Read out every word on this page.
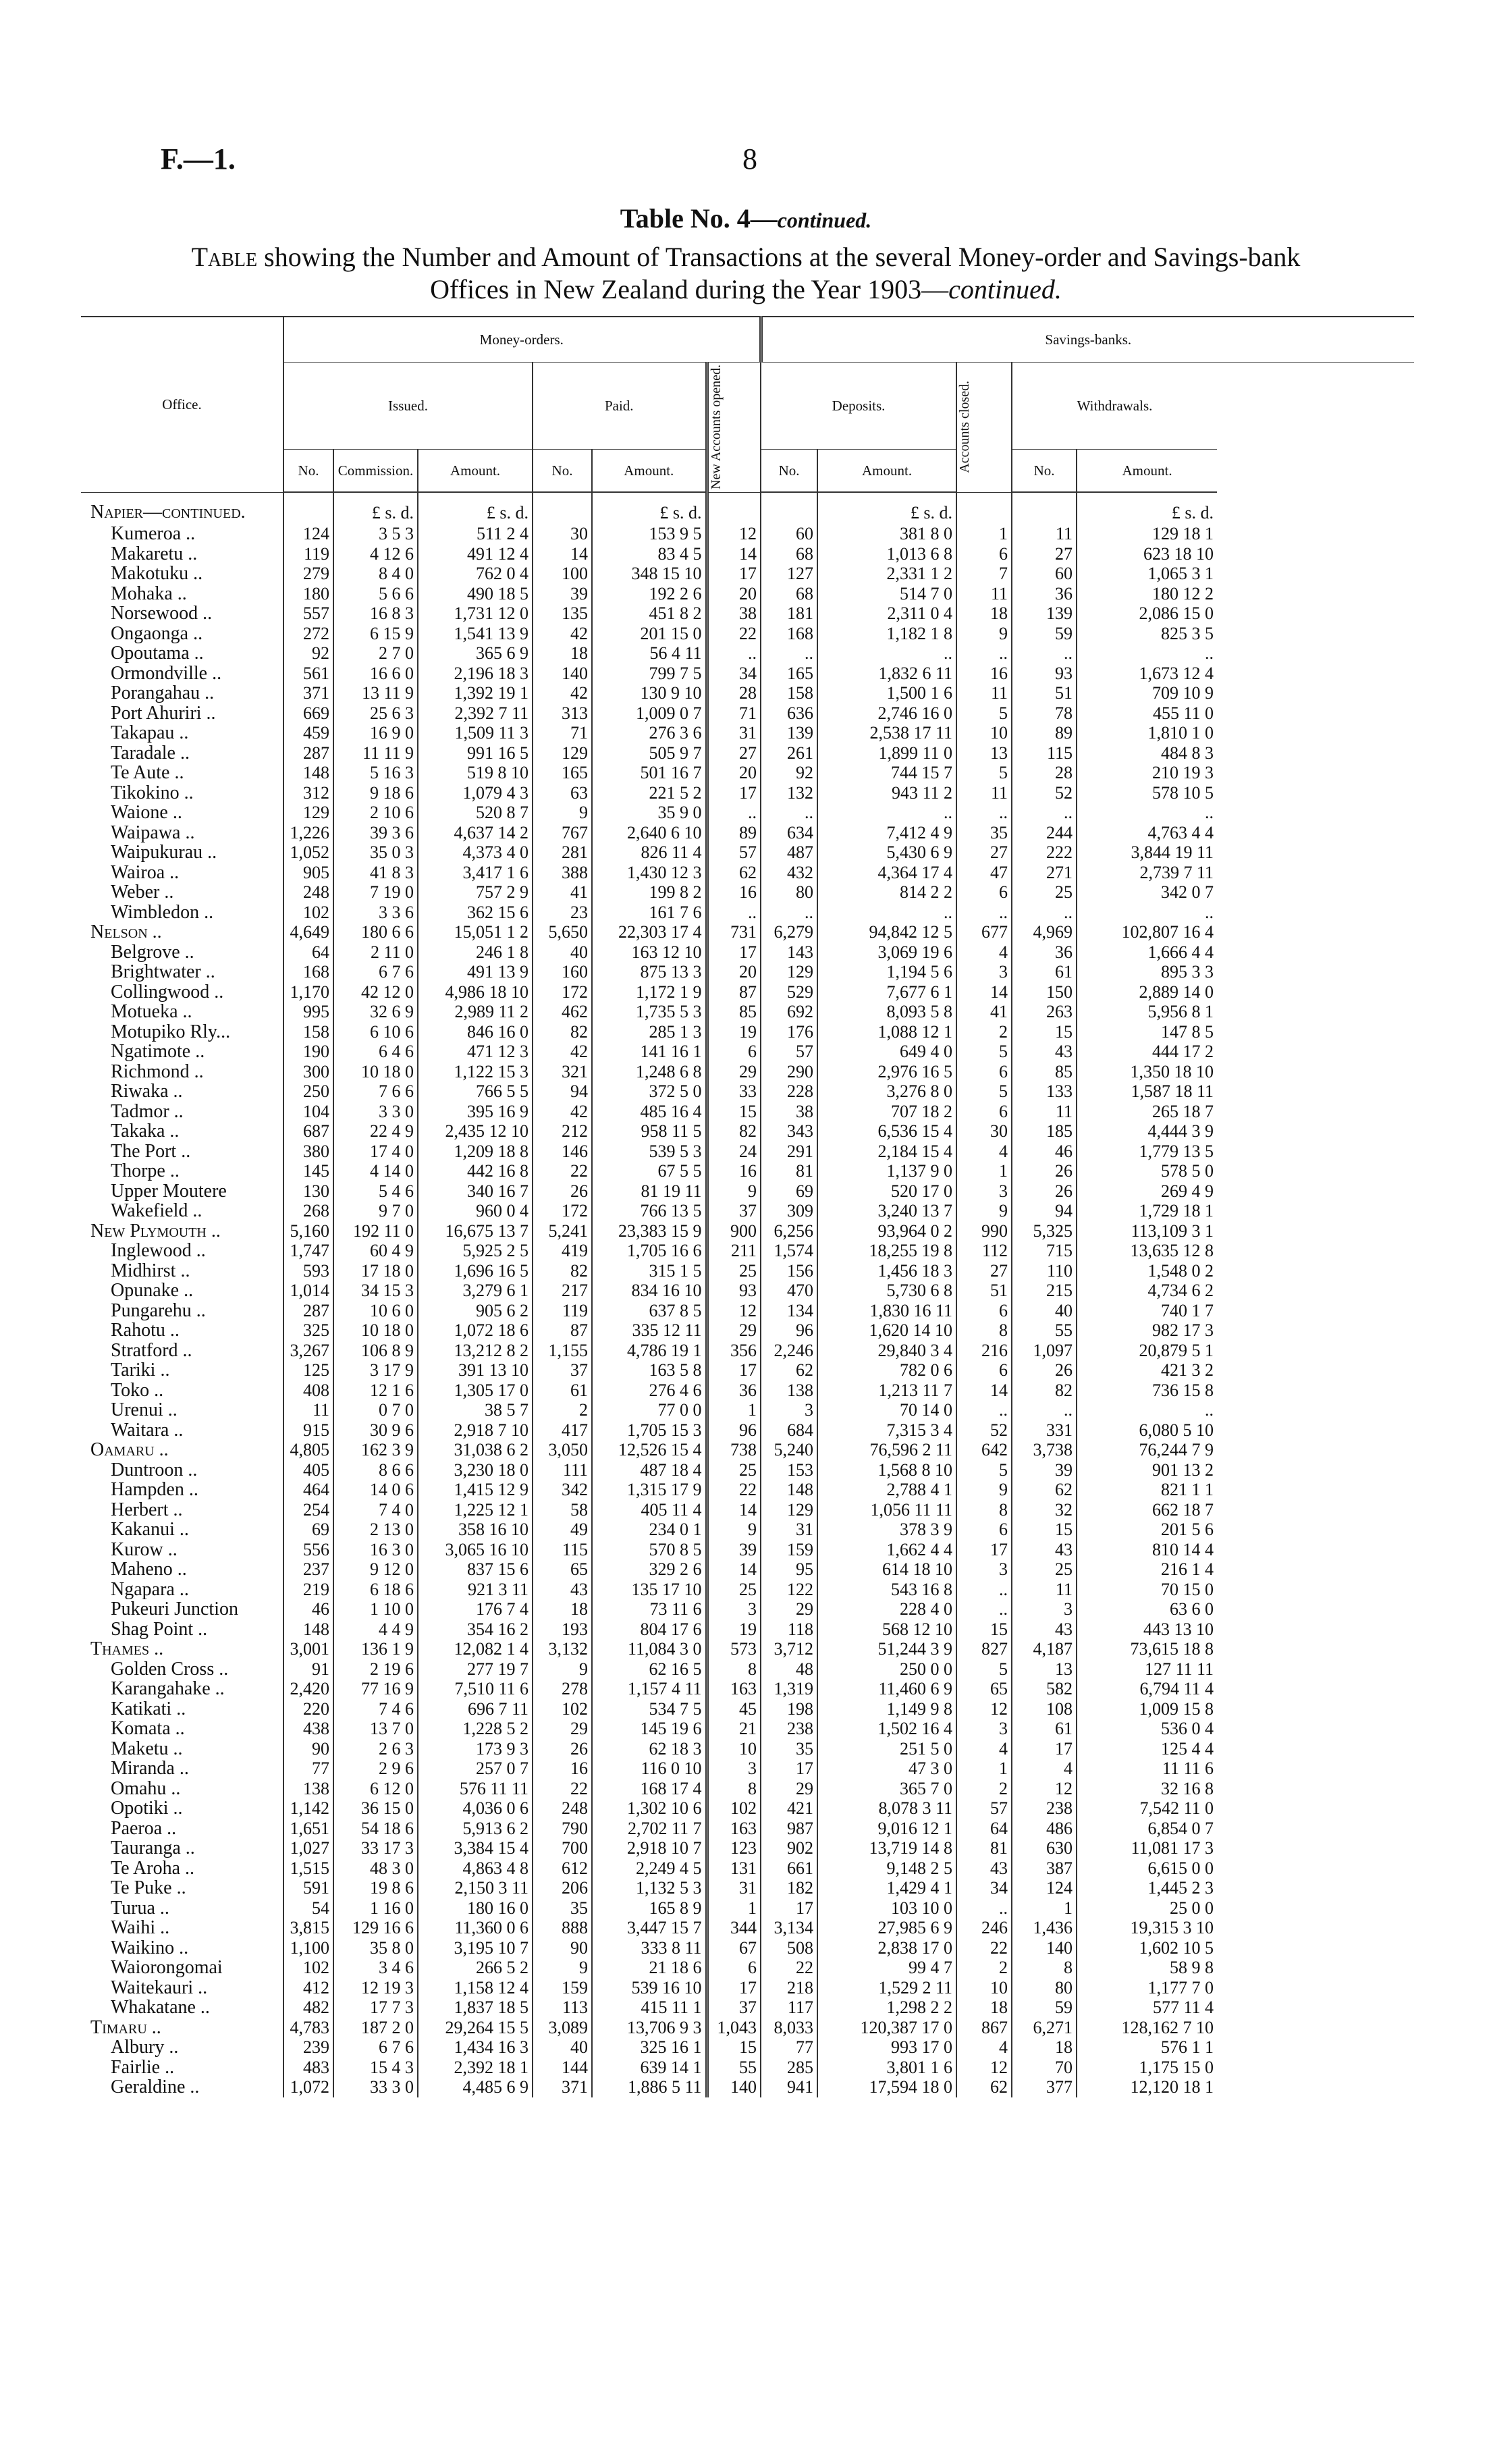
F.—1.	8
Table No. 4—continued.
Table showing the Number and Amount of Transactions at the several Money-order and Savings-bank
Offices in New Zealand during the Year 1903—continued.
Office.	Money-orders.						Savings-banks.				
	Issued.			Paid.		New Accounts opened.	Deposits.		Accounts closed.	Withdrawals.	
	No.	Commission.	Amount.	No.	Amount.		No.	Amount.		No.	Amount.
Napier—continued.		£ s. d.	£ s. d.		£ s. d.			£ s. d.			£ s. d.
Kumeroa ..	124	3 5 3	511 2 4	30	153 9 5	12	60	381 8 0	1	11	129 18 1
Makaretu ..	119	4 12 6	491 12 4	14	83 4 5	14	68	1,013 6 8	6	27	623 18 10
Makotuku ..	279	8 4 0	762 0 4	100	348 15 10	17	127	2,331 1 2	7	60	1,065 3 1
Mohaka ..	180	5 6 6	490 18 5	39	192 2 6	20	68	514 7 0	11	36	180 12 2
Norsewood ..	557	16 8 3	1,731 12 0	135	451 8 2	38	181	2,311 0 4	18	139	2,086 15 0
Ongaonga ..	272	6 15 9	1,541 13 9	42	201 15 0	22	168	1,182 1 8	9	59	825 3 5
Opoutama ..	92	2 7 0	365 6 9	18	56 4 11	..	..	..	..	..	..
Ormondville ..	561	16 6 0	2,196 18 3	140	799 7 5	34	165	1,832 6 11	16	93	1,673 12 4
Porangahau ..	371	13 11 9	1,392 19 1	42	130 9 10	28	158	1,500 1 6	11	51	709 10 9
Port Ahuriri ..	669	25 6 3	2,392 7 11	313	1,009 0 7	71	636	2,746 16 0	5	78	455 11 0
Takapau ..	459	16 9 0	1,509 11 3	71	276 3 6	31	139	2,538 17 11	10	89	1,810 1 0
Taradale ..	287	11 11 9	991 16 5	129	505 9 7	27	261	1,899 11 0	13	115	484 8 3
Te Aute ..	148	5 16 3	519 8 10	165	501 16 7	20	92	744 15 7	5	28	210 19 3
Tikokino ..	312	9 18 6	1,079 4 3	63	221 5 2	17	132	943 11 2	11	52	578 10 5
Waione ..	129	2 10 6	520 8 7	9	35 9 0	..	..	..	..	..	..
Waipawa ..	1,226	39 3 6	4,637 14 2	767	2,640 6 10	89	634	7,412 4 9	35	244	4,763 4 4
Waipukurau ..	1,052	35 0 3	4,373 4 0	281	826 11 4	57	487	5,430 6 9	27	222	3,844 19 11
Wairoa ..	905	41 8 3	3,417 1 6	388	1,430 12 3	62	432	4,364 17 4	47	271	2,739 7 11
Weber ..	248	7 19 0	757 2 9	41	199 8 2	16	80	814 2 2	6	25	342 0 7
Wimbledon ..	102	3 3 6	362 15 6	23	161 7 6	..	..	..	..	..	..
Nelson ..	4,649	180 6 6	15,051 1 2	5,650	22,303 17 4	731	6,279	94,842 12 5	677	4,969	102,807 16 4
Belgrove ..	64	2 11 0	246 1 8	40	163 12 10	17	143	3,069 19 6	4	36	1,666 4 4
Brightwater ..	168	6 7 6	491 13 9	160	875 13 3	20	129	1,194 5 6	3	61	895 3 3
Collingwood ..	1,170	42 12 0	4,986 18 10	172	1,172 1 9	87	529	7,677 6 1	14	150	2,889 14 0
Motueka ..	995	32 6 9	2,989 11 2	462	1,735 5 3	85	692	8,093 5 8	41	263	5,956 8 1
Motupiko Rly...	158	6 10 6	846 16 0	82	285 1 3	19	176	1,088 12 1	2	15	147 8 5
Ngatimote ..	190	6 4 6	471 12 3	42	141 16 1	6	57	649 4 0	5	43	444 17 2
Richmond ..	300	10 18 0	1,122 15 3	321	1,248 6 8	29	290	2,976 16 5	6	85	1,350 18 10
Riwaka ..	250	7 6 6	766 5 5	94	372 5 0	33	228	3,276 8 0	5	133	1,587 18 11
Tadmor ..	104	3 3 0	395 16 9	42	485 16 4	15	38	707 18 2	6	11	265 18 7
Takaka ..	687	22 4 9	2,435 12 10	212	958 11 5	82	343	6,536 15 4	30	185	4,444 3 9
The Port ..	380	17 4 0	1,209 18 8	146	539 5 3	24	291	2,184 15 4	4	46	1,779 13 5
Thorpe ..	145	4 14 0	442 16 8	22	67 5 5	16	81	1,137 9 0	1	26	578 5 0
Upper Moutere	130	5 4 6	340 16 7	26	81 19 11	9	69	520 17 0	3	26	269 4 9
Wakefield ..	268	9 7 0	960 0 4	172	766 13 5	37	309	3,240 13 7	9	94	1,729 18 1
New Plymouth ..	5,160	192 11 0	16,675 13 7	5,241	23,383 15 9	900	6,256	93,964 0 2	990	5,325	113,109 3 1
Inglewood ..	1,747	60 4 9	5,925 2 5	419	1,705 16 6	211	1,574	18,255 19 8	112	715	13,635 12 8
Midhirst ..	593	17 18 0	1,696 16 5	82	315 1 5	25	156	1,456 18 3	27	110	1,548 0 2
Opunake ..	1,014	34 15 3	3,279 6 1	217	834 16 10	93	470	5,730 6 8	51	215	4,734 6 2
Pungarehu ..	287	10 6 0	905 6 2	119	637 8 5	12	134	1,830 16 11	6	40	740 1 7
Rahotu ..	325	10 18 0	1,072 18 6	87	335 12 11	29	96	1,620 14 10	8	55	982 17 3
Stratford ..	3,267	106 8 9	13,212 8 2	1,155	4,786 19 1	356	2,246	29,840 3 4	216	1,097	20,879 5 1
Tariki ..	125	3 17 9	391 13 10	37	163 5 8	17	62	782 0 6	6	26	421 3 2
Toko ..	408	12 1 6	1,305 17 0	61	276 4 6	36	138	1,213 11 7	14	82	736 15 8
Urenui ..	11	0 7 0	38 5 7	2	77 0 0	1	3	70 14 0	..	..	..
Waitara ..	915	30 9 6	2,918 7 10	417	1,705 15 3	96	684	7,315 3 4	52	331	6,080 5 10
Oamaru ..	4,805	162 3 9	31,038 6 2	3,050	12,526 15 4	738	5,240	76,596 2 11	642	3,738	76,244 7 9
Duntroon ..	405	8 6 6	3,230 18 0	111	487 18 4	25	153	1,568 8 10	5	39	901 13 2
Hampden ..	464	14 0 6	1,415 12 9	342	1,315 17 9	22	148	2,788 4 1	9	62	821 1 1
Herbert ..	254	7 4 0	1,225 12 1	58	405 11 4	14	129	1,056 11 11	8	32	662 18 7
Kakanui ..	69	2 13 0	358 16 10	49	234 0 1	9	31	378 3 9	6	15	201 5 6
Kurow ..	556	16 3 0	3,065 16 10	115	570 8 5	39	159	1,662 4 4	17	43	810 14 4
Maheno ..	237	9 12 0	837 15 6	65	329 2 6	14	95	614 18 10	3	25	216 1 4
Ngapara ..	219	6 18 6	921 3 11	43	135 17 10	25	122	543 16 8	..	11	70 15 0
Pukeuri Junction	46	1 10 0	176 7 4	18	73 11 6	3	29	228 4 0	..	3	63 6 0
Shag Point ..	148	4 4 9	354 16 2	193	804 17 6	19	118	568 12 10	15	43	443 13 10
Thames ..	3,001	136 1 9	12,082 1 4	3,132	11,084 3 0	573	3,712	51,244 3 9	827	4,187	73,615 18 8
Golden Cross ..	91	2 19 6	277 19 7	9	62 16 5	8	48	250 0 0	5	13	127 11 11
Karangahake ..	2,420	77 16 9	7,510 11 6	278	1,157 4 11	163	1,319	11,460 6 9	65	582	6,794 11 4
Katikati ..	220	7 4 6	696 7 11	102	534 7 5	45	198	1,149 9 8	12	108	1,009 15 8
Komata ..	438	13 7 0	1,228 5 2	29	145 19 6	21	238	1,502 16 4	3	61	536 0 4
Maketu ..	90	2 6 3	173 9 3	26	62 18 3	10	35	251 5 0	4	17	125 4 4
Miranda ..	77	2 9 6	257 0 7	16	116 0 10	3	17	47 3 0	1	4	11 11 6
Omahu ..	138	6 12 0	576 11 11	22	168 17 4	8	29	365 7 0	2	12	32 16 8
Opotiki ..	1,142	36 15 0	4,036 0 6	248	1,302 10 6	102	421	8,078 3 11	57	238	7,542 11 0
Paeroa ..	1,651	54 18 6	5,913 6 2	790	2,702 11 7	163	987	9,016 12 1	64	486	6,854 0 7
Tauranga ..	1,027	33 17 3	3,384 15 4	700	2,918 10 7	123	902	13,719 14 8	81	630	11,081 17 3
Te Aroha ..	1,515	48 3 0	4,863 4 8	612	2,249 4 5	131	661	9,148 2 5	43	387	6,615 0 0
Te Puke ..	591	19 8 6	2,150 3 11	206	1,132 5 3	31	182	1,429 4 1	34	124	1,445 2 3
Turua ..	54	1 16 0	180 16 0	35	165 8 9	1	17	103 10 0	..	1	25 0 0
Waihi ..	3,815	129 16 6	11,360 0 6	888	3,447 15 7	344	3,134	27,985 6 9	246	1,436	19,315 3 10
Waikino ..	1,100	35 8 0	3,195 10 7	90	333 8 11	67	508	2,838 17 0	22	140	1,602 10 5
Waiorongomai	102	3 4 6	266 5 2	9	21 18 6	6	22	99 4 7	2	8	58 9 8
Waitekauri ..	412	12 19 3	1,158 12 4	159	539 16 10	17	218	1,529 2 11	10	80	1,177 7 0
Whakatane ..	482	17 7 3	1,837 18 5	113	415 11 1	37	117	1,298 2 2	18	59	577 11 4
Timaru ..	4,783	187 2 0	29,264 15 5	3,089	13,706 9 3	1,043	8,033	120,387 17 0	867	6,271	128,162 7 10
Albury ..	239	6 7 6	1,434 16 3	40	325 16 1	15	77	993 17 0	4	18	576 1 1
Fairlie ..	483	15 4 3	2,392 18 1	144	639 14 1	55	285	3,801 1 6	12	70	1,175 15 0
Geraldine ..	1,072	33 3 0	4,485 6 9	371	1,886 5 11	140	941	17,594 18 0	62	377	12,120 18 1
